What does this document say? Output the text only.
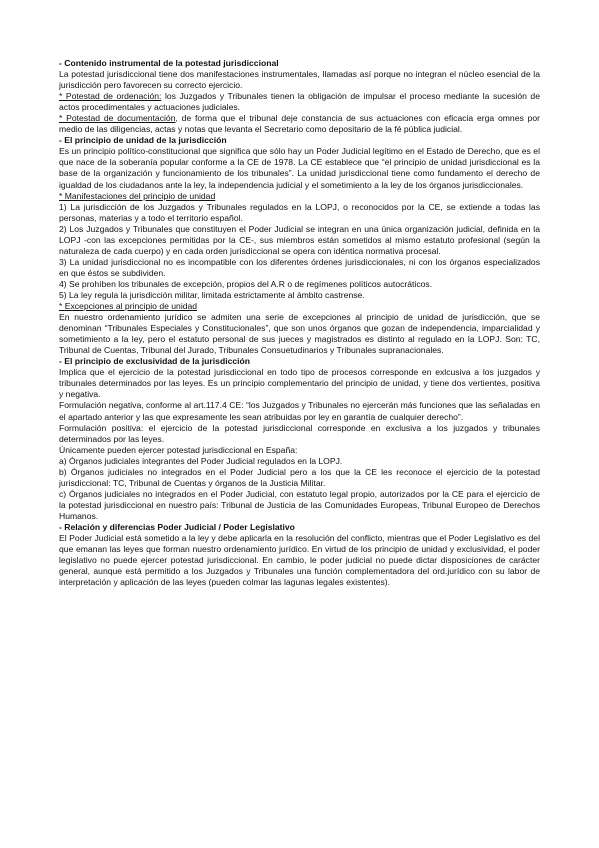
- Contenido instrumental de la potestad jurisdiccional
La potestad jurisdiccional tiene dos manifestaciones instrumentales, llamadas así porque no integran el núcleo esencial de la jurisdicción pero favorecen su correcto ejercicio.
* Potestad de ordenación: los Juzgados y Tribunales tienen la obligación de impulsar el proceso mediante la sucesión de actos procedimentales y actuaciones judiciales.
* Potestad de documentación, de forma que el tribunal deje constancia de sus actuaciones con eficacia erga omnes por medio de las diligencias, actas y notas que levanta el Secretario como depositario de la fé pública judicial.
- El principio de unidad de la jurisdicción
Es un principio político-constitucional que significa que sólo hay un Poder Judicial legítimo en el Estado de Derecho, que es el que nace de la soberanía popular conforme a la CE de 1978. La CE establece que “el principio de unidad jurisdiccional es la base de la organización y funcionamiento de los tribunales”. La unidad jurisdiccional tiene como fundamento el derecho de igualdad de los ciudadanos ante la ley, la independencia judicial y el sometimiento a la ley de los órganos jurisdiccionales.
* Manifestaciones del principio de unidad
1) La jurisdicción de los Juzgados y Tribunales regulados en la LOPJ, o reconocidos por la CE, se extiende a todas las personas, materias y a todo el territorio español.
2) Los Juzgados y Tribunales que constituyen el Poder Judicial se integran en una única organización judicial, definida en la LOPJ -con las excepciones permitidas por la CE-, sus miembros están sometidos al mismo estatuto profesional (según la naturaleza de cada cuerpo) y en cada orden jurisdiccional se opera con idéntica normativa procesal.
3) La unidad jurisdiccional no es incompatible con los diferentes órdenes jurisdiccionales, ni con los órganos especializados en que éstos se subdividen.
4) Se prohíben los tribunales de excepción, propios del A.R o de regímenes políticos autocráticos.
5) La ley regula la jurisdicción militar, limitada estrictamente al ámbito castrense.
* Excepciones al principio de unidad
En nuestro ordenamiento jurídico se admiten una serie de excepciones al principio de unidad de jurisdicción, que se denominan “Tribunales Especiales y Constitucionales”, que son unos órganos que gozan de independencia, imparcialidad y sometimiento a la ley, pero el estatuto personal de sus jueces y magistrados es distinto al regulado en la LOPJ. Son: TC, Tribunal de Cuentas, Tribunal del Jurado, Tribunales Consuetudinarios y Tribunales supranacionales.
- El principio de exclusividad de la jurisdicción
Implica que el ejercicio de la potestad jurisdiccional en todo tipo de procesos corresponde en exlcusiva a los juzgados y tribunales determinados por las leyes. Es un principio complementario del principio de unidad, y tiene dos vertientes, positiva y negativa.
Formulación negativa, conforme al art.117.4 CE: “los Juzgados y Tribunales no ejercerán más funciones que las señaladas en el apartado anterior y las que expresamente les sean atribuidas por ley en garantía de cualquier derecho”.
Formulación positiva: el ejercicio de la potestad jurisdiccional corresponde en exclusiva a los juzgados y tribunales determinados por las leyes.
Únicamente pueden ejercer potestad jurisdiccional en España:
a) Órganos judiciales integrantes del Poder Judicial regulados en la LOPJ.
b) Órganos judiciales no integrados en el Poder Judicial pero a los que la CE les reconoce el ejercicio de la potestad jurisdiccional: TC, Tribunal de Cuentas y órganos de la Justicia Militar.
c) Órganos judiciales no integrados en el Poder Judicial, con estatuto legal propio, autorizados por la CE para el ejercicio de la potestad jurisdiccional en nuestro país: Tribunal de Justicia de las Comunidades Europeas, Tribunal Europeo de Derechos Humanos.
- Relación y diferencias Poder Judicial / Poder Legislativo
El Poder Judicial está sometido a la ley y debe aplicarla en la resolución del conflicto, mientras que el Poder Legislativo es del que emanan las leyes que forman nuestro ordenamiento jurídico. En virtud de los principio de unidad y exclusividad, el poder legislativo no puede ejercer potestad jurisdiccional. En cambio, le poder judicial no puede dictar disposiciones de carácter general, aunque está permitido a los Juzgados y Tribunales una función complementadora del ord.jurídico con su labor de interpretación y aplicación de las leyes (pueden colmar las lagunas legales existentes).
